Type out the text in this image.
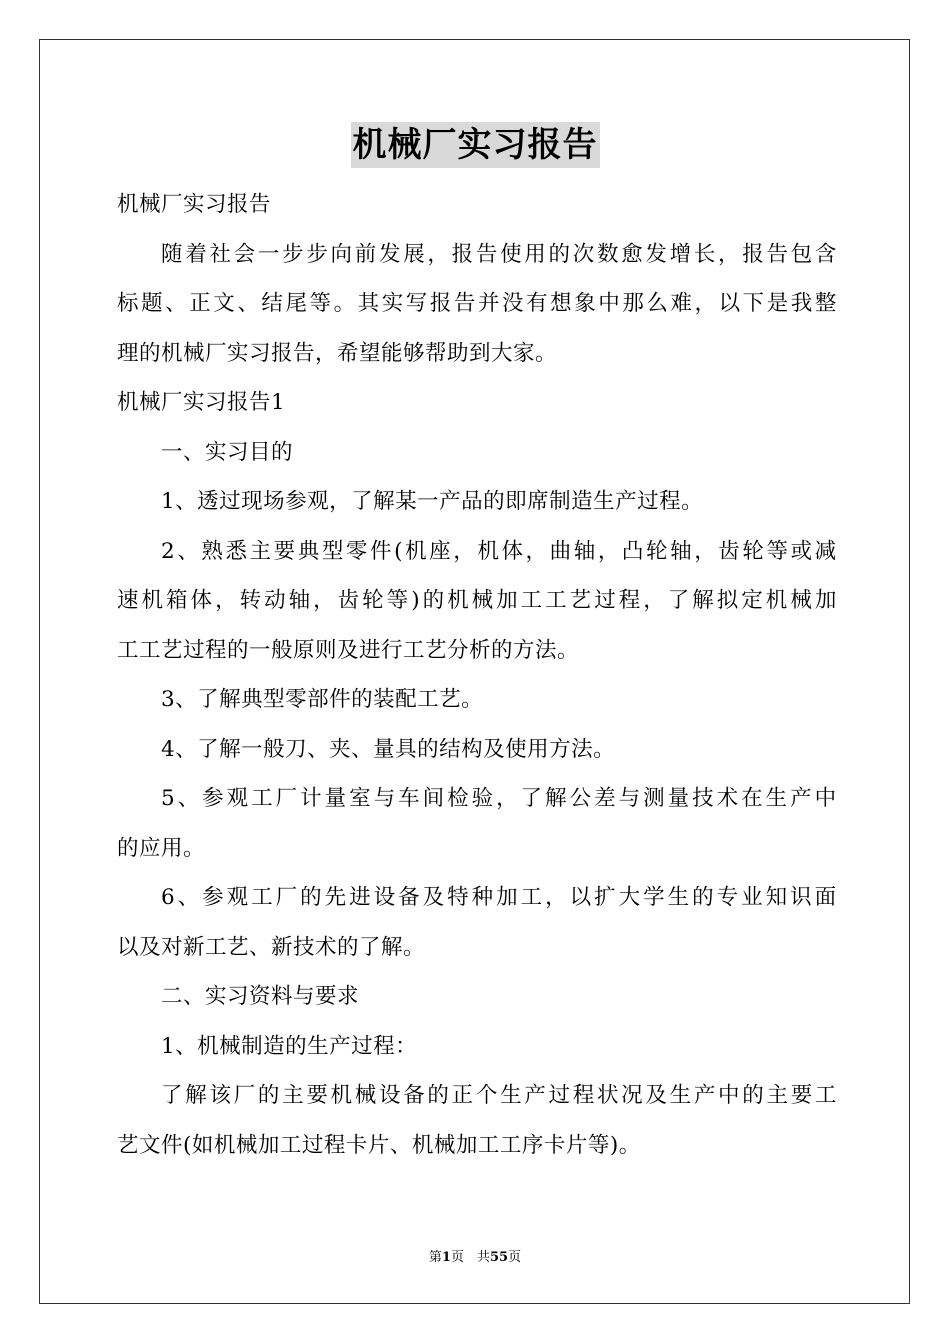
机械厂实习报告
机械厂实习报告
随 着 社 会 一 步 步 向 前 发 展 ， 报 告 使 用 的 次 数 愈 发 增 长 ， 报 告 包 含
标 题 、 正 文 、 结 尾 等 。 其 实 写 报 告 并 没 有 想 象 中 那 么 难 ， 以 下 是 我 整
理的机械厂实习报告，希望能够帮助到大家。
机械厂实习报告1
一、实习目的
1、透过现场参观，了解某一产品的即席制造生产过程。
2 、 熟 悉 主 要 典 型 零 件 ( 机 座 ， 机 体 ， 曲 轴 ， 凸 轮 轴 ， 齿 轮 等 或 减
速 机 箱 体 ， 转 动 轴 ， 齿 轮 等 ) 的 机 械 加 工 工 艺 过 程 ， 了 解 拟 定 机 械 加
工工艺过程的一般原则及进行工艺分析的方法。
3、了解典型零部件的装配工艺。
4、了解一般刀、夹、量具的结构及使用方法。
5 、 参 观 工 厂 计 量 室 与 车 间 检 验 ， 了 解 公 差 与 测 量 技 术 在 生 产 中
的应用。
6 、 参 观 工 厂 的 先 进 设 备 及 特 种 加 工 ， 以 扩 大 学 生 的 专 业 知 识 面
以及对新工艺、新技术的了解。
二、实习资料与要求
1、机械制造的生产过程：
了 解 该 厂 的 主 要 机 械 设 备 的 正 个 生 产 过 程 状 况 及 生 产 中 的 主 要 工
艺文件(如机械加工过程卡片、机械加工工序卡片等)。
第1页　共55页
